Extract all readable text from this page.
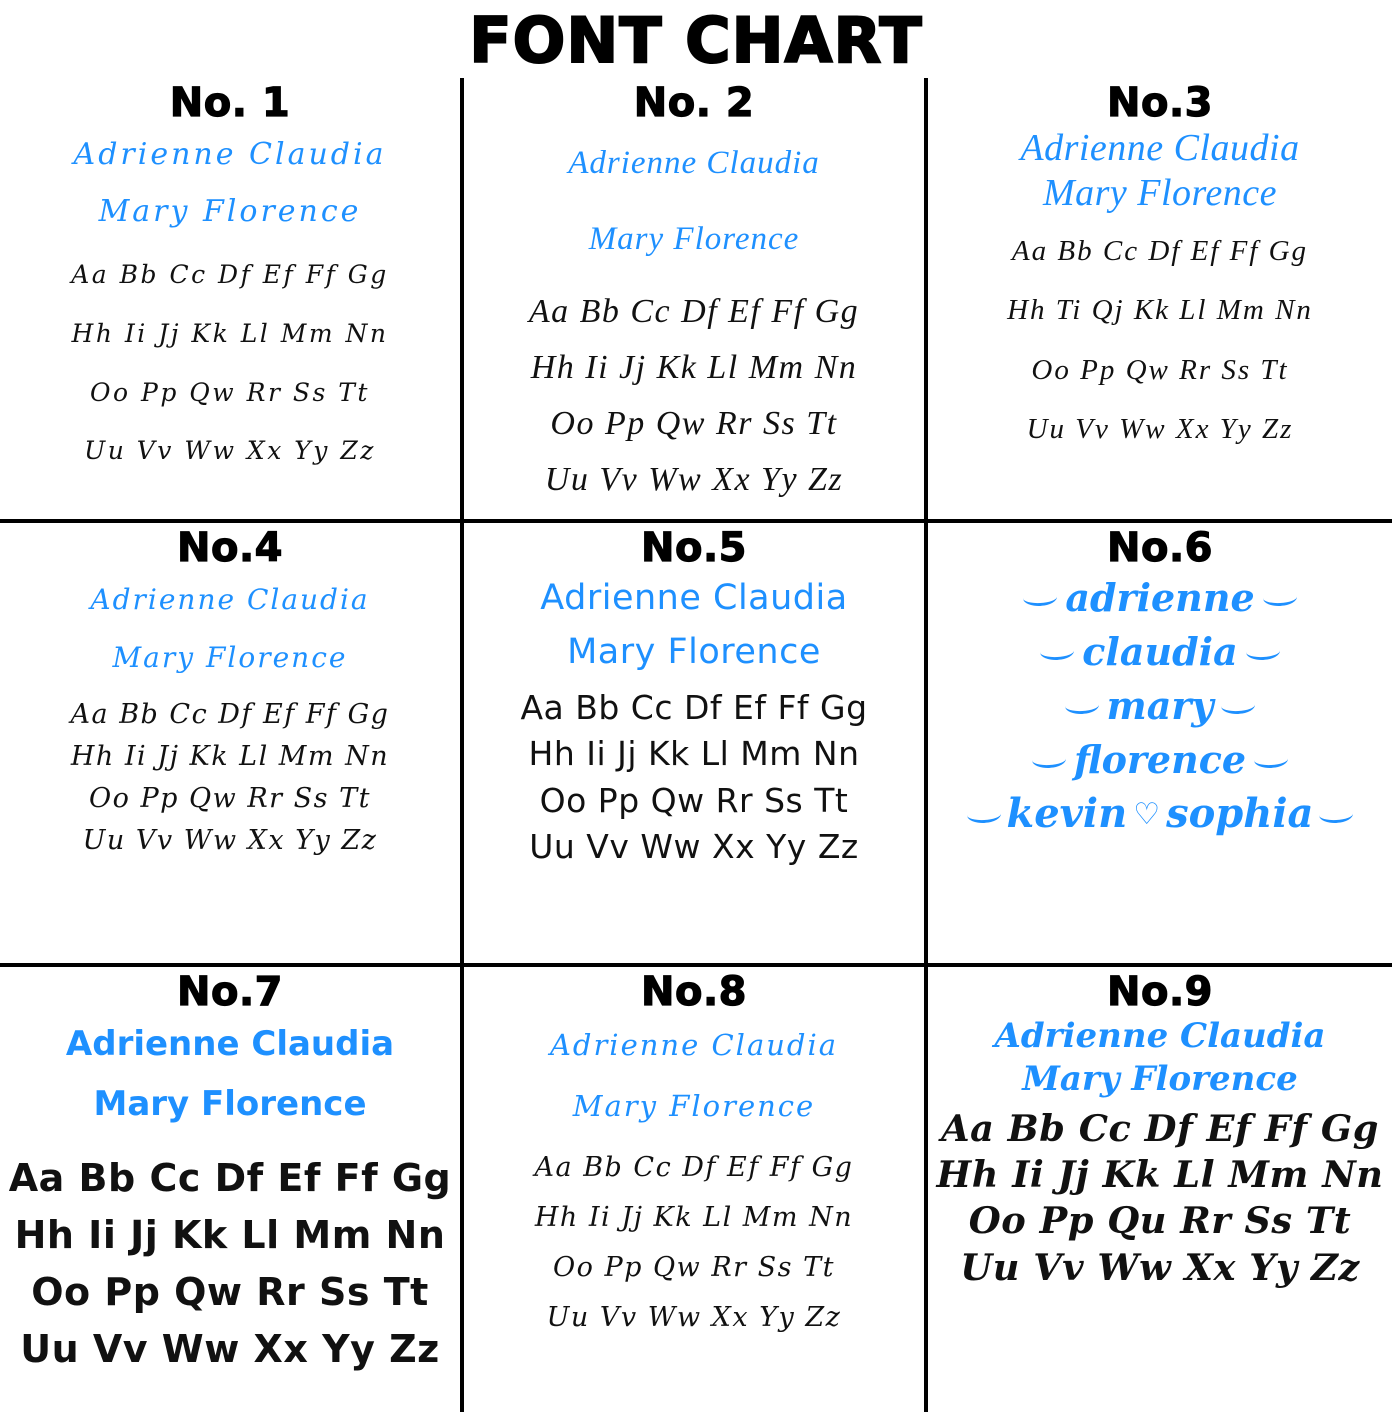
FONT CHART
No. 1
Adrienne Claudia
Mary Florence
Aa Bb Cc Df Ef Ff Gg
Hh Ii Jj Kk Ll Mm Nn
Oo Pp Qw Rr Ss Tt
Uu Vv Ww Xx Yy Zz
No. 2
Adrienne Claudia
Mary Florence
Aa Bb Cc Df Ef Ff Gg
Hh Ii Jj Kk Ll Mm Nn
Oo Pp Qw Rr Ss Tt
Uu Vv Ww Xx Yy Zz
No.3
Adrienne Claudia
Mary Florence
Aa Bb Cc Df Ef Ff Gg
Hh Ti Qj Kk Ll Mm Nn
Oo Pp Qw Rr Ss Tt
Uu Vv Ww Xx Yy Zz
No.4
Adrienne Claudia
Mary Florence
Aa Bb Cc Df Ef Ff Gg
Hh Ii Jj Kk Ll Mm Nn
Oo Pp Qw Rr Ss Tt
Uu Vv Ww Xx Yy Zz
No.5
Adrienne Claudia
Mary Florence
Aa Bb Cc Df Ef Ff Gg
Hh Ii Jj Kk Ll Mm Nn
Oo Pp Qw Rr Ss Tt
Uu Vv Ww Xx Yy Zz
No.6
adrienne
claudia
mary
florence
kevin ♡ sophia
No.7
Adrienne Claudia
Mary Florence
Aa Bb Cc Df Ef Ff Gg
Hh Ii Jj Kk Ll Mm Nn
Oo Pp Qw Rr Ss Tt
Uu Vv Ww Xx Yy Zz
No.8
Adrienne Claudia
Mary Florence
Aa Bb Cc Df Ef Ff Gg
Hh Ii Jj Kk Ll Mm Nn
Oo Pp Qw Rr Ss Tt
Uu Vv Ww Xx Yy Zz
No.9
Adrienne Claudia
Mary Florence
Aa Bb Cc Df Ef Ff Gg
Hh Ii Jj Kk Ll Mm Nn
Oo Pp Qu Rr Ss Tt
Uu Vv Ww Xx Yy Zz
